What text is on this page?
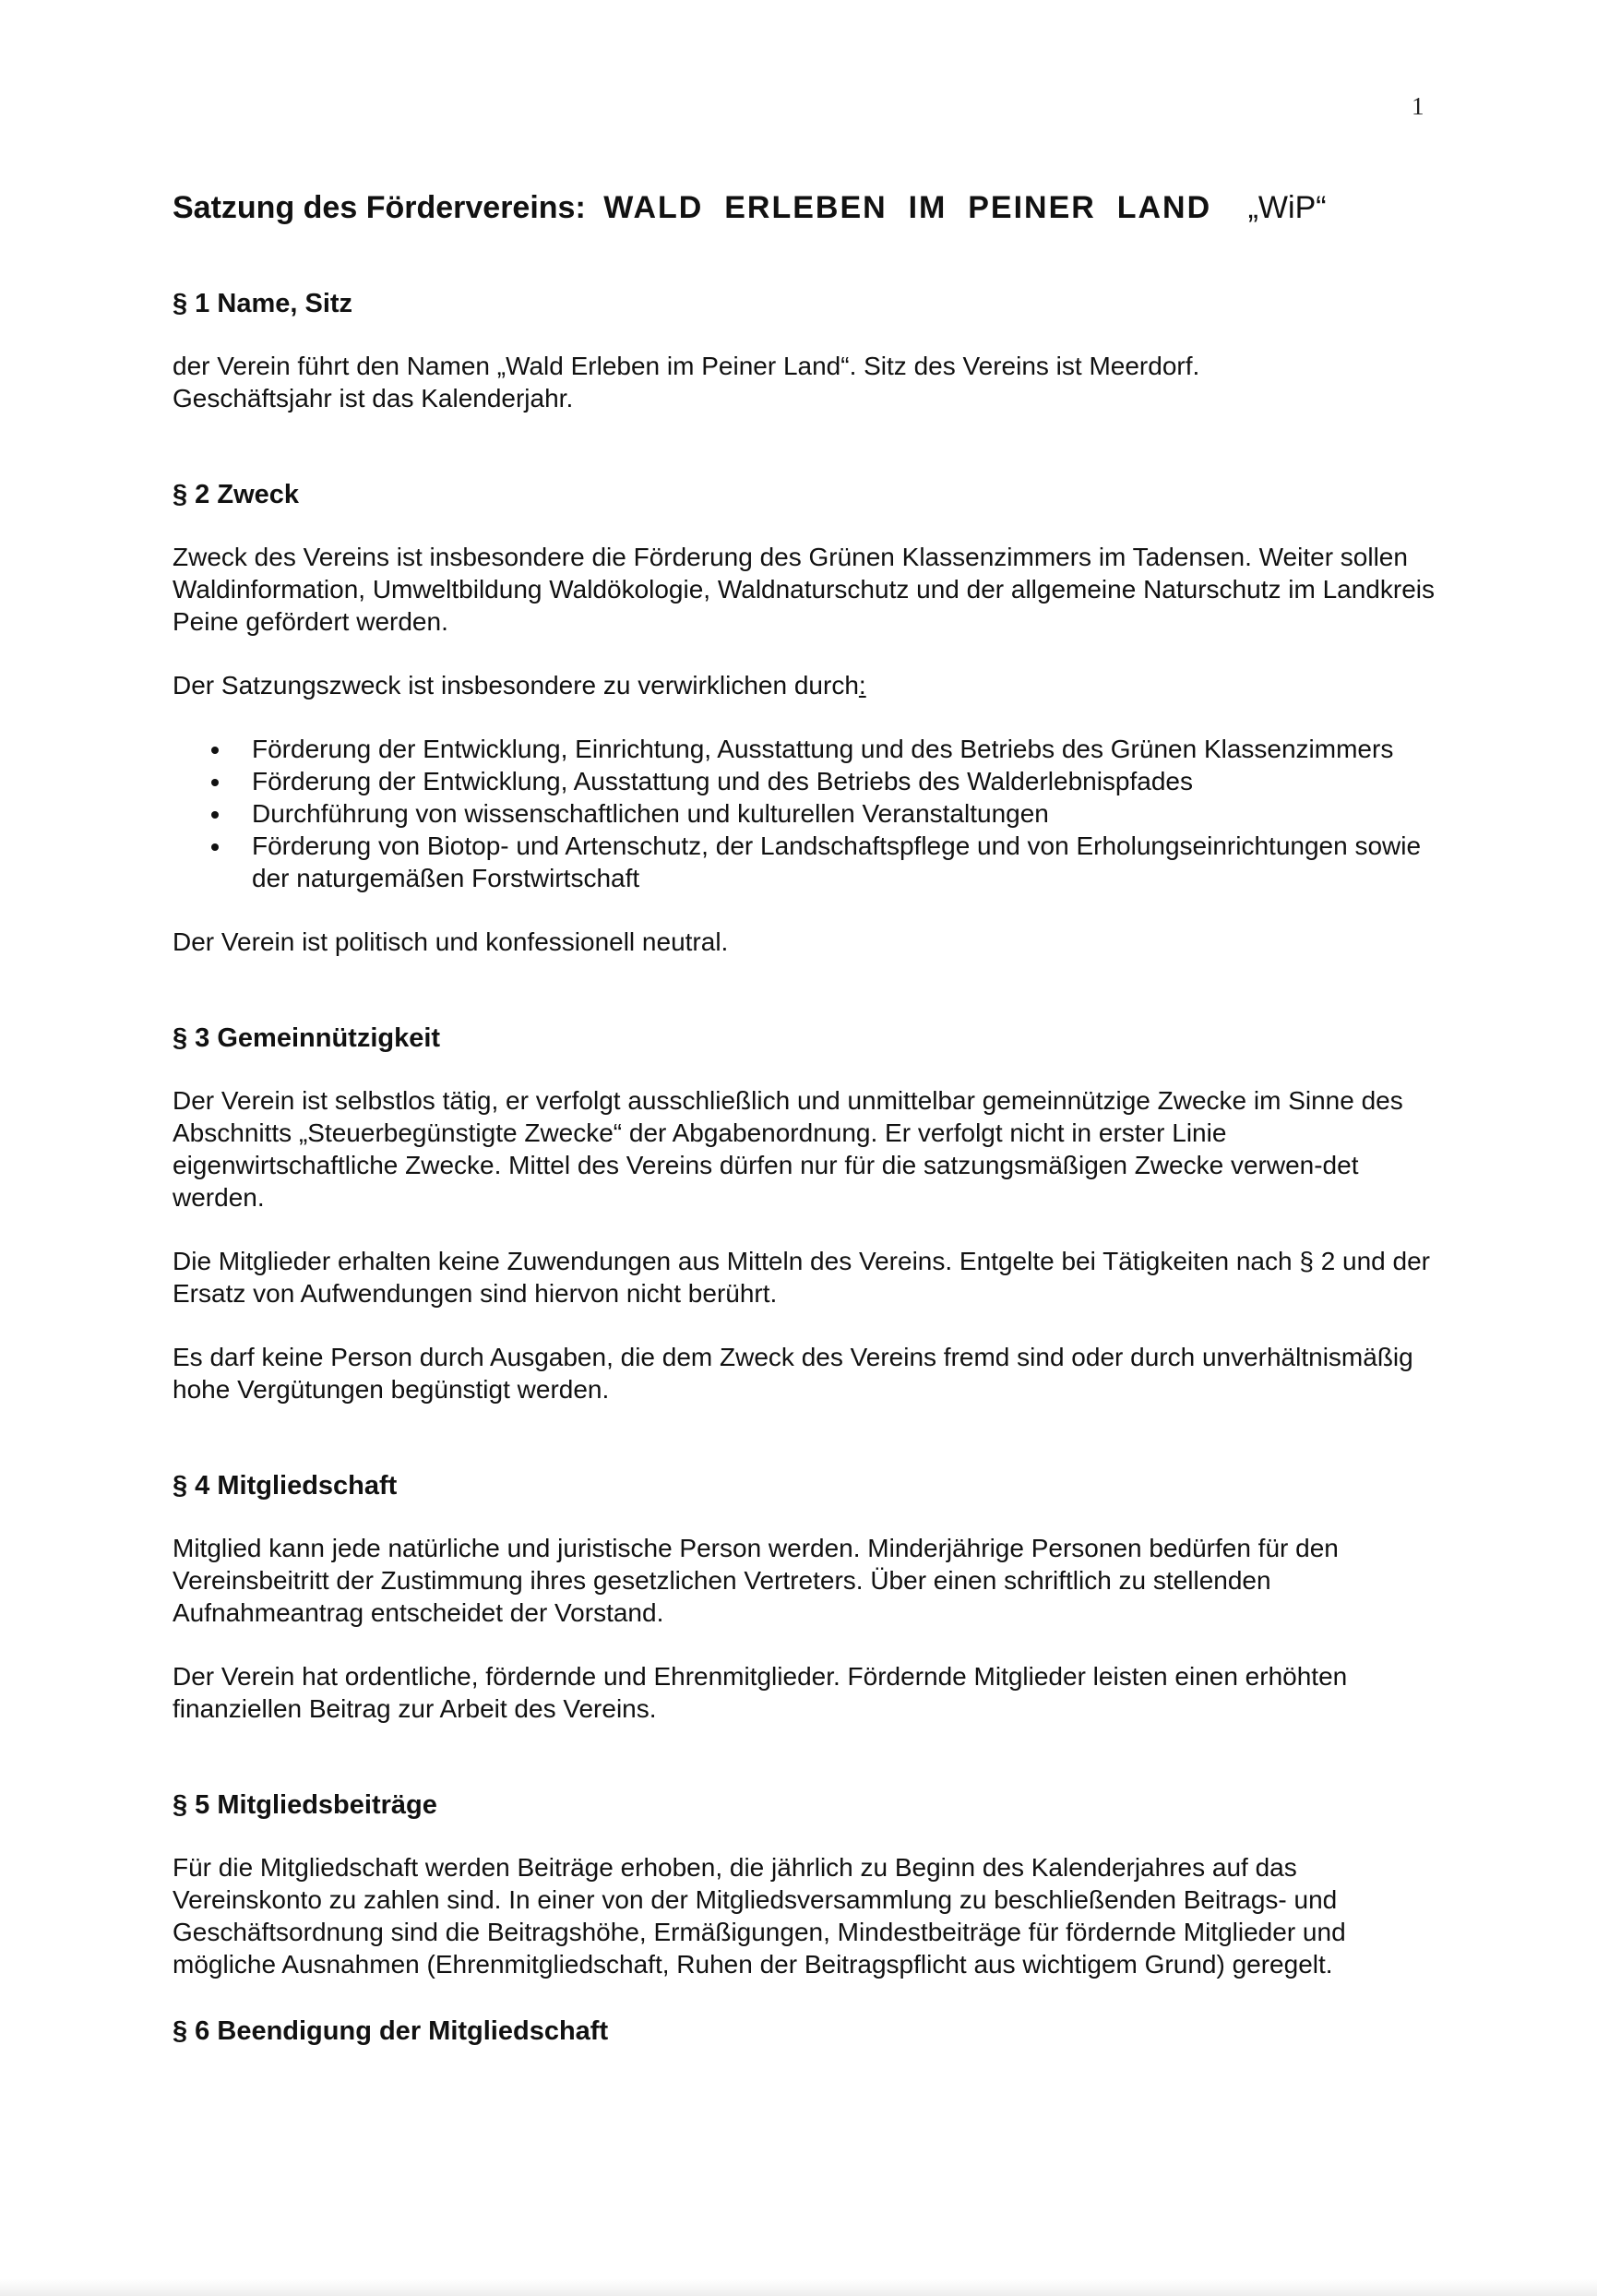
1
Satzung des Fördervereins: WALD  ERLEBEN  IM  PEINER  LAND „WiP“
§ 1 Name, Sitz

der Verein führt den Namen „Wald Erleben im Peiner Land“. Sitz des Vereins ist Meerdorf.
Geschäftsjahr ist das Kalenderjahr.

§ 2 Zweck

Zweck des Vereins ist insbesondere die Förderung des Grünen Klassenzimmers im Tadensen. Weiter sollen Waldinformation, Umweltbildung Waldökologie, Waldnaturschutz und der allgemeine Naturschutz im Landkreis Peine gefördert werden.

Der Satzungszweck ist insbesondere zu verwirklichen durch:

Förderung der Entwicklung, Einrichtung, Ausstattung und des Betriebs des Grünen Klassenzimmers
Förderung der Entwicklung, Ausstattung und des Betriebs des Walderlebnispfades
Durchführung von wissenschaftlichen und kulturellen Veranstaltungen
Förderung von Biotop- und Artenschutz, der Landschaftspflege und von Erholungseinrichtungen sowie der naturgemäßen Forstwirtschaft

Der Verein ist politisch und konfessionell neutral.

§ 3 Gemeinnützigkeit

Der Verein ist selbstlos tätig, er verfolgt ausschließlich und unmittelbar gemeinnützige Zwecke im Sinne des Abschnitts „Steuerbegünstigte Zwecke“ der Abgabenordnung. Er verfolgt nicht in erster Linie eigenwirtschaftliche Zwecke. Mittel des Vereins dürfen nur für die satzungsmäßigen Zwecke verwen-det werden.

Die Mitglieder erhalten keine Zuwendungen aus Mitteln des Vereins. Entgelte bei Tätigkeiten nach § 2 und der Ersatz von Aufwendungen sind hiervon nicht berührt.

Es darf keine Person durch Ausgaben, die dem Zweck des Vereins fremd sind oder durch unverhältnismäßig hohe Vergütungen begünstigt werden.

§ 4 Mitgliedschaft

Mitglied kann jede natürliche und juristische Person werden. Minderjährige Personen bedürfen für den Vereinsbeitritt der Zustimmung ihres gesetzlichen Vertreters. Über einen schriftlich zu stellenden Aufnahmeantrag entscheidet der Vorstand.

Der Verein hat ordentliche, fördernde und Ehrenmitglieder. Fördernde Mitglieder leisten einen erhöhten finanziellen Beitrag zur Arbeit des Vereins.

§ 5 Mitgliedsbeiträge

Für die Mitgliedschaft werden Beiträge erhoben, die jährlich zu Beginn des Kalenderjahres auf das Vereinskonto zu zahlen sind. In einer von der Mitgliedsversammlung zu beschließenden Beitrags- und Geschäftsordnung sind die Beitragshöhe, Ermäßigungen, Mindestbeiträge für fördernde Mitglieder und mögliche Ausnahmen (Ehrenmitgliedschaft, Ruhen der Beitragspflicht aus wichtigem Grund) geregelt.

§ 6 Beendigung der Mitgliedschaft
